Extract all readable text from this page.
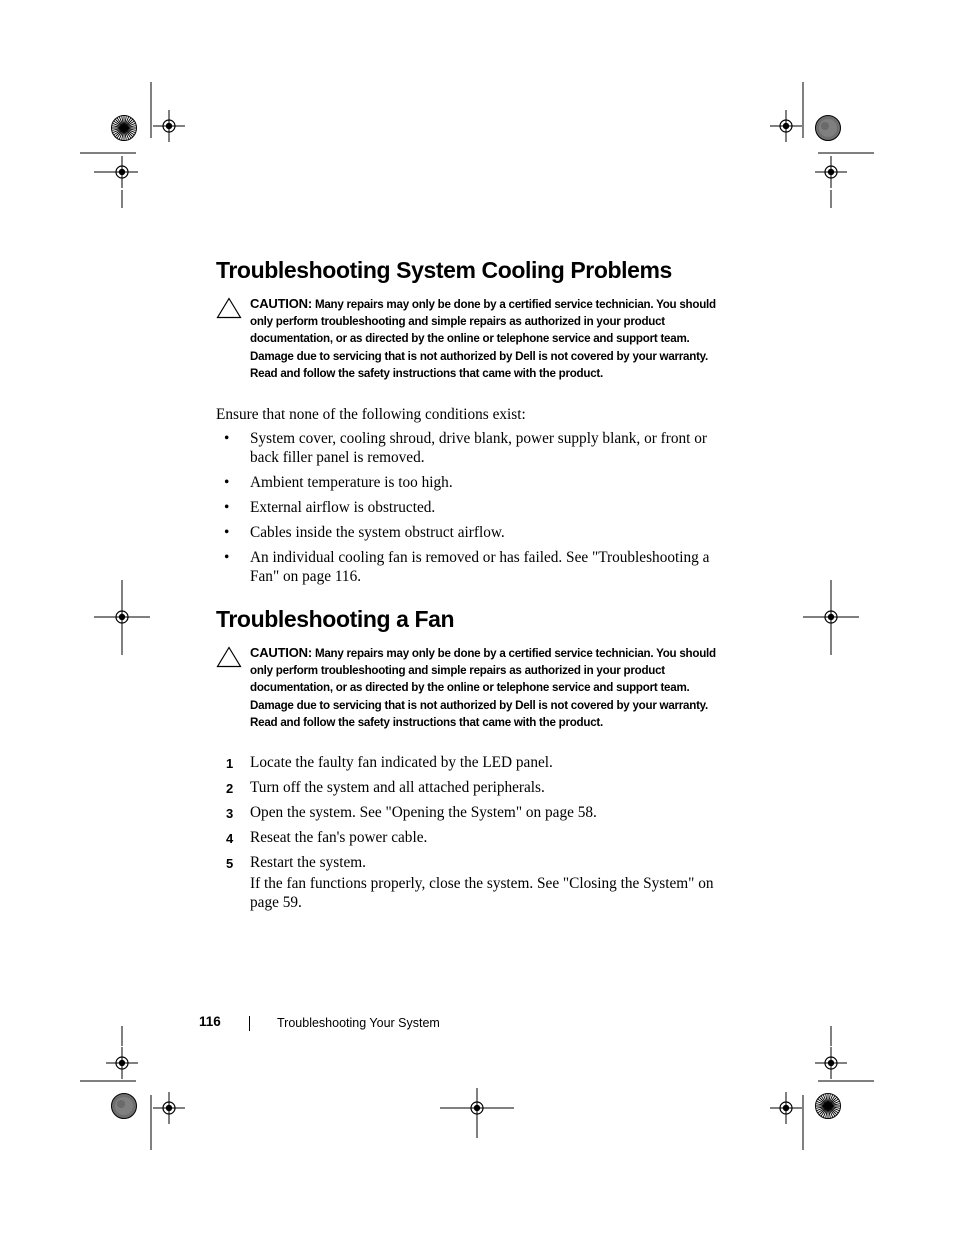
Troubleshooting System Cooling Problems
CAUTION: Many repairs may only be done by a certified service technician. You should only perform troubleshooting and simple repairs as authorized in your product documentation, or as directed by the online or telephone service and support team. Damage due to servicing that is not authorized by Dell is not covered by your warranty. Read and follow the safety instructions that came with the product.
Ensure that none of the following conditions exist:
• System cover, cooling shroud, drive blank, power supply blank, or front or back filler panel is removed.
• Ambient temperature is too high.
• External airflow is obstructed.
• Cables inside the system obstruct airflow.
• An individual cooling fan is removed or has failed. See "Troubleshooting a Fan" on page 116.
Troubleshooting a Fan
CAUTION: Many repairs may only be done by a certified service technician. You should only perform troubleshooting and simple repairs as authorized in your product documentation, or as directed by the online or telephone service and support team. Damage due to servicing that is not authorized by Dell is not covered by your warranty. Read and follow the safety instructions that came with the product.
1 Locate the faulty fan indicated by the LED panel.
2 Turn off the system and all attached peripherals.
3 Open the system. See "Opening the System" on page 58.
4 Reseat the fan's power cable.
5 Restart the system.
If the fan functions properly, close the system. See "Closing the System" on page 59.
116	Troubleshooting Your System
